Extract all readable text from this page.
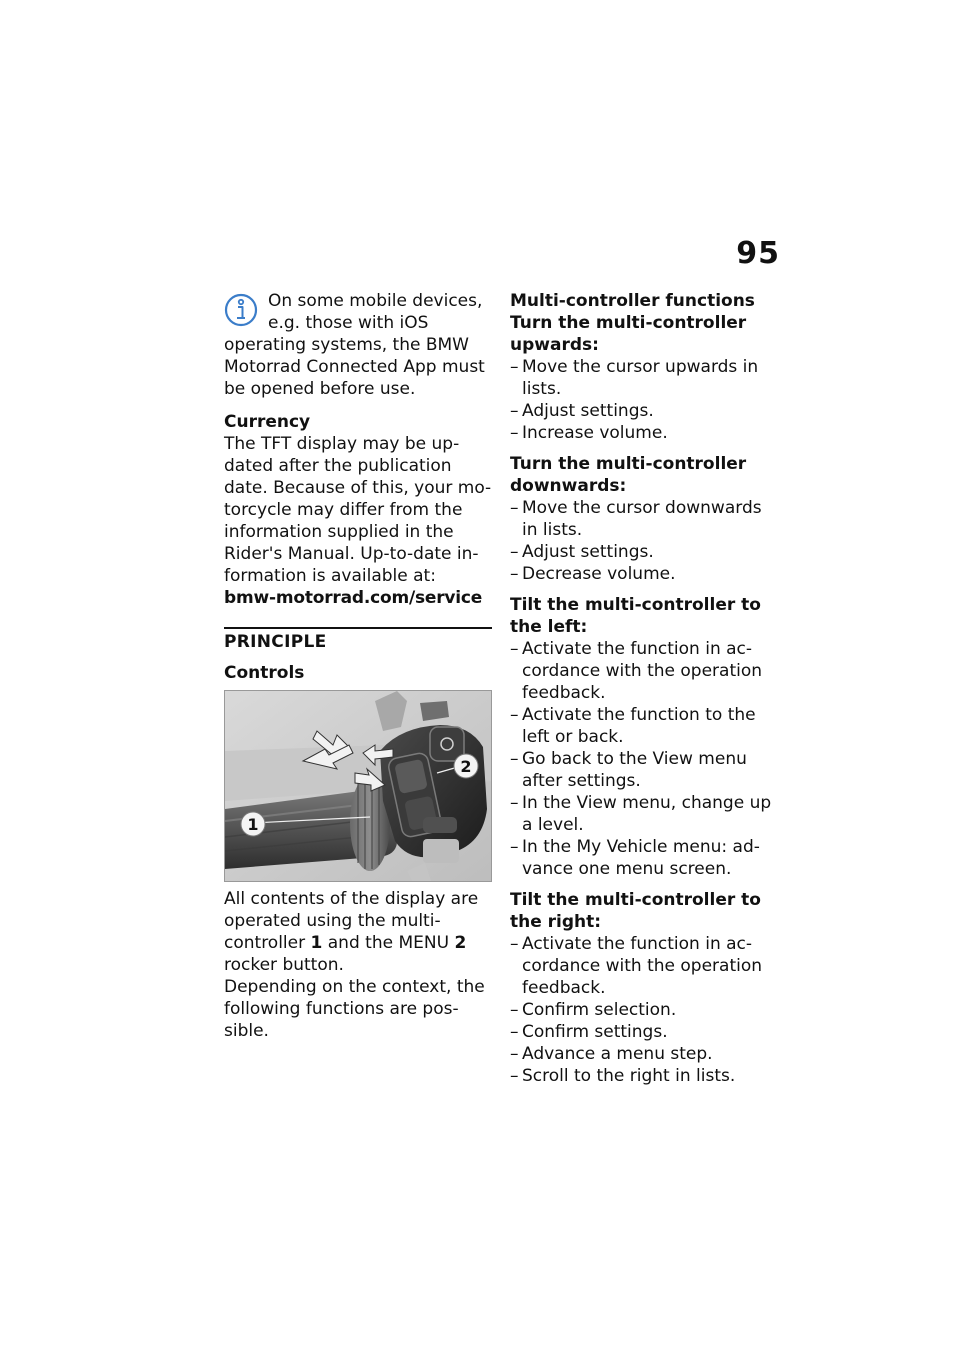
95
On some mobile devices,
e.g. those with iOS

operating systems, the BMW Motorrad Connected App must be opened before use.

Currency

The TFT display may be up-dated after the publication date. Because of this, your mo-torcycle may differ from the information supplied in the Rider's Manual. Up-to-date in-formation is available at:

bmw-motorrad.com/service

PRINCIPLE

Controls

1
2

All contents of the display are operated using the multi-controller 1 and the MENU 2 rocker button.

Depending on the context, the following functions are pos-sible.

Multi-controller functions

Turn the multi-controller upwards:

– Move the cursor upwards in lists.
– Adjust settings.
– Increase volume.

Turn the multi-controller downwards:

– Move the cursor downwards in lists.
– Adjust settings.
– Decrease volume.

Tilt the multi-controller to the left:

– Activate the function in ac-cordance with the operation feedback.
– Activate the function to the left or back.
– Go back to the View menu after settings.
– In the View menu, change up a level.
– In the My Vehicle menu: ad-vance one menu screen.

Tilt the multi-controller to the right:

– Activate the function in ac-cordance with the operation feedback.
– Confirm selection.
– Confirm settings.
– Advance a menu step.
– Scroll to the right in lists.
